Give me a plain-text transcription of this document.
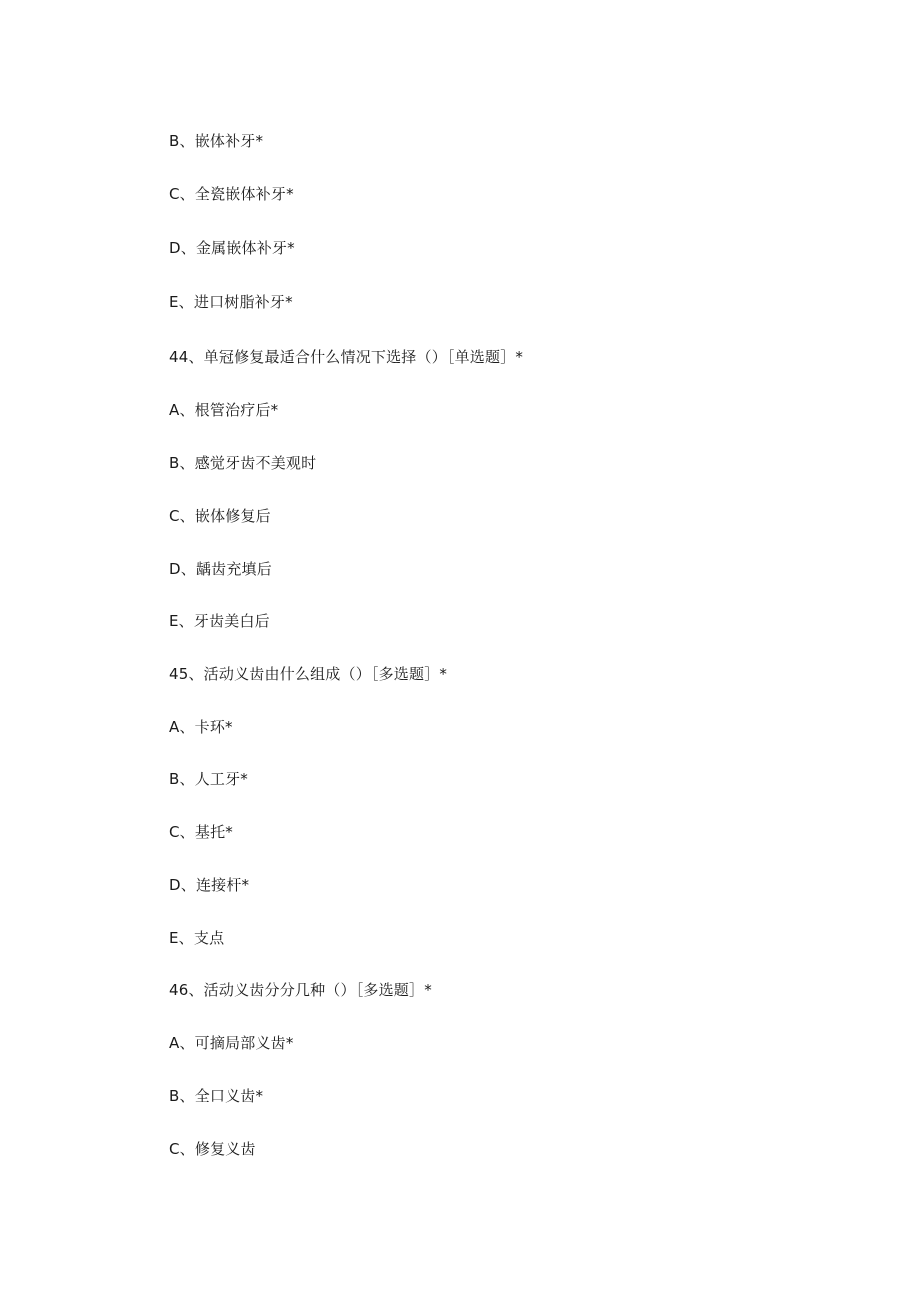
B、嵌体补牙*
C、全瓷嵌体补牙*
D、金属嵌体补牙*
E、进口树脂补牙*
44、单冠修复最适合什么情况下选择（）［单选题］*
A、根管治疗后*
B、感觉牙齿不美观时
C、嵌体修复后
D、龋齿充填后
E、牙齿美白后
45、活动义齿由什么组成（）［多选题］*
A、卡环*
B、人工牙*
C、基托*
D、连接杆*
E、支点
46、活动义齿分分几种（）［多选题］*
A、可摘局部义齿*
B、全口义齿*
C、修复义齿
